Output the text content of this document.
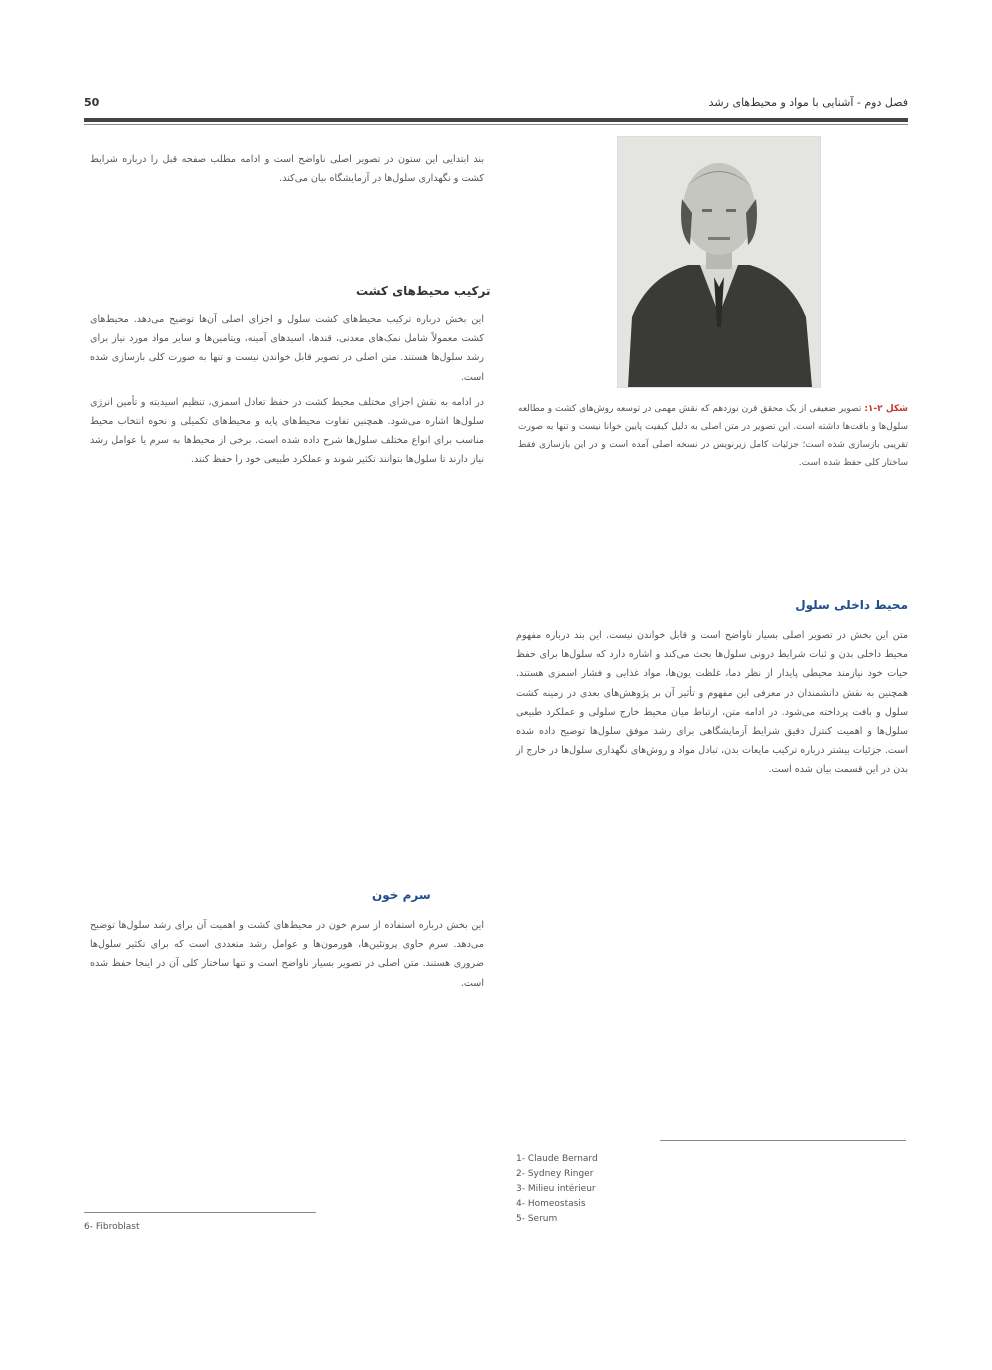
فصل دوم - آشنایی با مواد و محیط‌های رشد
50
شکل ۲-۱: تصویر ضعیفی از یک محقق قرن نوزدهم که نقش مهمی در توسعه روش‌های کشت و مطالعه سلول‌ها و بافت‌ها داشته است. این تصویر در متن اصلی به دلیل کیفیت پایین خوانا نیست و تنها به صورت تقریبی بازسازی شده است؛ جزئیات کامل زیرنویس در نسخه اصلی آمده است و در این بازسازی فقط ساختار کلی حفظ شده است.
محیط داخلی سلول

متن این بخش در تصویر اصلی بسیار ناواضح است و قابل خواندن نیست. این بند درباره مفهوم محیط داخلی بدن و ثبات شرایط درونی سلول‌ها بحث می‌کند و اشاره دارد که سلول‌ها برای حفظ حیات خود نیازمند محیطی پایدار از نظر دما، غلظت یون‌ها، مواد غذایی و فشار اسمزی هستند. همچنین به نقش دانشمندان در معرفی این مفهوم و تأثیر آن بر پژوهش‌های بعدی در زمینه کشت سلول و بافت پرداخته می‌شود. در ادامه متن، ارتباط میان محیط خارج سلولی و عملکرد طبیعی سلول‌ها و اهمیت کنترل دقیق شرایط آزمایشگاهی برای رشد موفق سلول‌ها توضیح داده شده است. جزئیات بیشتر درباره ترکیب مایعات بدن، تبادل مواد و روش‌های نگهداری سلول‌ها در خارج از بدن در این قسمت بیان شده است.

1- Claude Bernard
2- Sydney Ringer
3- Milieu intérieur
4- Homeostasis
5- Serum

بند ابتدایی این ستون در تصویر اصلی ناواضح است و ادامه مطلب صفحه قبل را درباره شرایط کشت و نگهداری سلول‌ها در آزمایشگاه بیان می‌کند.

ترکیب محیط‌های کشت

این بخش درباره ترکیب محیط‌های کشت سلول و اجزای اصلی آن‌ها توضیح می‌دهد. محیط‌های کشت معمولاً شامل نمک‌های معدنی، قندها، اسیدهای آمینه، ویتامین‌ها و سایر مواد مورد نیاز برای رشد سلول‌ها هستند. متن اصلی در تصویر قابل خواندن نیست و تنها به صورت کلی بازسازی شده است.

در ادامه به نقش اجزای مختلف محیط کشت در حفظ تعادل اسمزی، تنظیم اسیدیته و تأمین انرژی سلول‌ها اشاره می‌شود. همچنین تفاوت محیط‌های پایه و محیط‌های تکمیلی و نحوه انتخاب محیط مناسب برای انواع مختلف سلول‌ها شرح داده شده است. برخی از محیط‌ها به سرم یا عوامل رشد نیاز دارند تا سلول‌ها بتوانند تکثیر شوند و عملکرد طبیعی خود را حفظ کنند.

سرم خون

این بخش درباره استفاده از سرم خون در محیط‌های کشت و اهمیت آن برای رشد سلول‌ها توضیح می‌دهد. سرم حاوی پروتئین‌ها، هورمون‌ها و عوامل رشد متعددی است که برای تکثیر سلول‌ها ضروری هستند. متن اصلی در تصویر بسیار ناواضح است و تنها ساختار کلی آن در اینجا حفظ شده است.

6- Fibroblast
